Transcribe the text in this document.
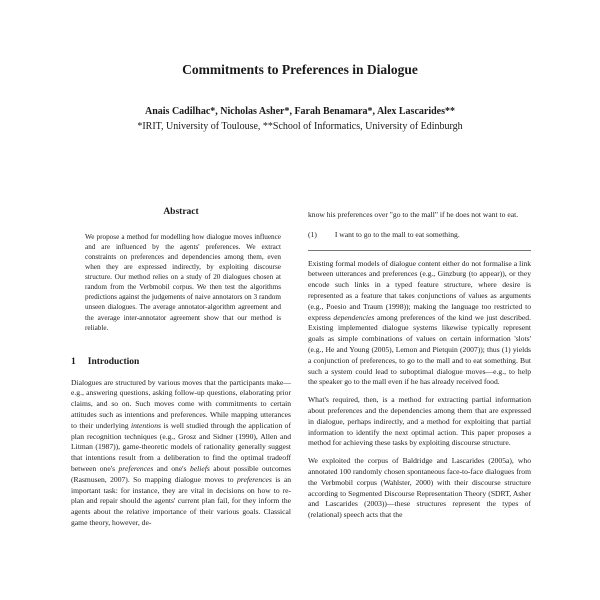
Commitments to Preferences in Dialogue
Anais Cadilhac*, Nicholas Asher*, Farah Benamara*, Alex Lascarides**
*IRIT, University of Toulouse, **School of Informatics, University of Edinburgh
Abstract

We propose a method for modelling how dialogue moves influence and are influenced by the agents' preferences. We extract constraints on preferences and dependencies among them, even when they are expressed indirectly, by exploiting discourse structure. Our method relies on a study of 20 dialogues chosen at random from the Verbmobil corpus. We then test the algorithms predictions against the judgements of naive annotators on 3 random unseen dialogues. The average annotator-algorithm agreement and the average inter-annotator agreement show that our method is reliable.

1 Introduction

Dialogues are structured by various moves that the participants make—e.g., answering questions, asking follow-up questions, elaborating prior claims, and so on. Such moves come with commitments to certain attitudes such as intentions and preferences. While mapping utterances to their underlying intentions is well studied through the application of plan recognition techniques (e.g., Grosz and Sidner (1990), Allen and Litman (1987)), game-theoretic models of rationality generally suggest that intentions result from a deliberation to find the optimal tradeoff between one's preferences and one's beliefs about possible outcomes (Rasmusen, 2007). So mapping dialogue moves to preferences is an important task: for instance, they are vital in decisions on how to re-plan and repair should the agents' current plan fail, for they inform the agents about the relative importance of their various goals. Classical game theory, however, de-

know his preferences over "go to the mall" if he does not want to eat.

(1) I want to go to the mall to eat something.

Existing formal models of dialogue content either do not formalise a link between utterances and preferences (e.g., Ginzburg (to appear)), or they encode such links in a typed feature structure, where desire is represented as a feature that takes conjunctions of values as arguments (e.g., Poesio and Traum (1998)); making the language too restricted to express dependencies among preferences of the kind we just described. Existing implemented dialogue systems likewise typically represent goals as simple combinations of values on certain information 'slots' (e.g., He and Young (2005), Lemon and Pietquin (2007)); thus (1) yields a conjunction of preferences, to go to the mall and to eat something. But such a system could lead to suboptimal dialogue moves—e.g., to help the speaker go to the mall even if he has already received food.

What's required, then, is a method for extracting partial information about preferences and the dependencies among them that are expressed in dialogue, perhaps indirectly, and a method for exploiting that partial information to identify the next optimal action. This paper proposes a method for achieving these tasks by exploiting discourse structure.

We exploited the corpus of Baldridge and Lascarides (2005a), who annotated 100 randomly chosen spontaneous face-to-face dialogues from the Verbmobil corpus (Wahlster, 2000) with their discourse structure according to Segmented Discourse Representation Theory (SDRT, Asher and Lascarides (2003))—these structures represent the types of (relational) speech acts that the
